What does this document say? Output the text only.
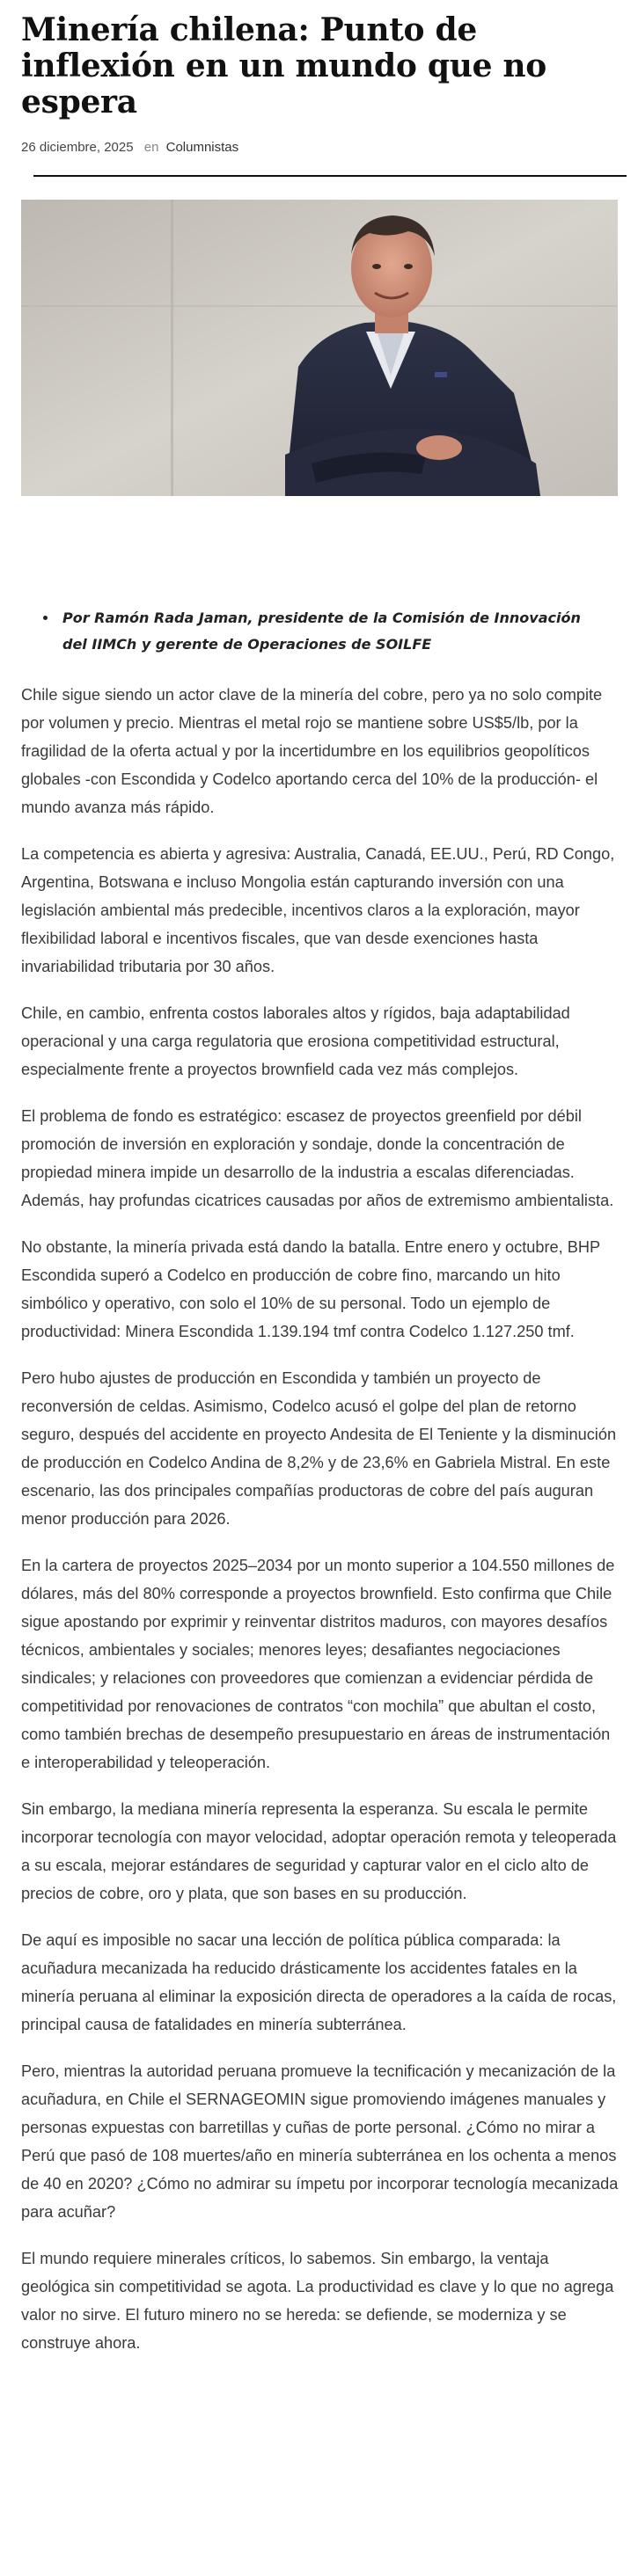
Minería chilena: Punto de inflexión en un mundo que no espera
26 diciembre, 2025 en Columnistas
• Por Ramón Rada Jaman, presidente de la Comisión de Innovación del IIMCh y gerente de Operaciones de SOILFE

Chile sigue siendo un actor clave de la minería del cobre, pero ya no solo compite por volumen y precio. Mientras el metal rojo se mantiene sobre US$5/lb, por la fragilidad de la oferta actual y por la incertidumbre en los equilibrios geopolíticos globales -con Escondida y Codelco aportando cerca del 10% de la producción- el mundo avanza más rápido.

La competencia es abierta y agresiva: Australia, Canadá, EE.UU., Perú, RD Congo, Argentina, Botswana e incluso Mongolia están capturando inversión con una legislación ambiental más predecible, incentivos claros a la exploración, mayor flexibilidad laboral e incentivos fiscales, que van desde exenciones hasta invariabilidad tributaria por 30 años.

Chile, en cambio, enfrenta costos laborales altos y rígidos, baja adaptabilidad operacional y una carga regulatoria que erosiona competitividad estructural, especialmente frente a proyectos brownfield cada vez más complejos.

El problema de fondo es estratégico: escasez de proyectos greenfield por débil promoción de inversión en exploración y sondaje, donde la concentración de propiedad minera impide un desarrollo de la industria a escalas diferenciadas. Además, hay profundas cicatrices causadas por años de extremismo ambientalista.

No obstante, la minería privada está dando la batalla. Entre enero y octubre, BHP Escondida superó a Codelco en producción de cobre fino, marcando un hito simbólico y operativo, con solo el 10% de su personal. Todo un ejemplo de productividad: Minera Escondida 1.139.194 tmf contra Codelco 1.127.250 tmf.

Pero hubo ajustes de producción en Escondida y también un proyecto de reconversión de celdas. Asimismo, Codelco acusó el golpe del plan de retorno seguro, después del accidente en proyecto Andesita de El Teniente y la disminución de producción en Codelco Andina de 8,2% y de 23,6% en Gabriela Mistral. En este escenario, las dos principales compañías productoras de cobre del país auguran menor producción para 2026.

En la cartera de proyectos 2025–2034 por un monto superior a 104.550 millones de dólares, más del 80% corresponde a proyectos brownfield. Esto confirma que Chile sigue apostando por exprimir y reinventar distritos maduros, con mayores desafíos técnicos, ambientales y sociales; menores leyes; desafiantes negociaciones sindicales; y relaciones con proveedores que comienzan a evidenciar pérdida de competitividad por renovaciones de contratos “con mochila” que abultan el costo, como también brechas de desempeño presupuestario en áreas de instrumentación e interoperabilidad y teleoperación.

Sin embargo, la mediana minería representa la esperanza. Su escala le permite incorporar tecnología con mayor velocidad, adoptar operación remota y teleoperada a su escala, mejorar estándares de seguridad y capturar valor en el ciclo alto de precios de cobre, oro y plata, que son bases en su producción.

De aquí es imposible no sacar una lección de política pública comparada: la acuñadura mecanizada ha reducido drásticamente los accidentes fatales en la minería peruana al eliminar la exposición directa de operadores a la caída de rocas, principal causa de fatalidades en minería subterránea.

Pero, mientras la autoridad peruana promueve la tecnificación y mecanización de la acuñadura, en Chile el SERNAGEOMIN sigue promoviendo imágenes manuales y personas expuestas con barretillas y cuñas de porte personal. ¿Cómo no mirar a Perú que pasó de 108 muertes/año en minería subterránea en los ochenta a menos de 40 en 2020? ¿Cómo no admirar su ímpetu por incorporar tecnología mecanizada para acuñar?

El mundo requiere minerales críticos, lo sabemos. Sin embargo, la ventaja geológica sin competitividad se agota. La productividad es clave y lo que no agrega valor no sirve. El futuro minero no se hereda: se defiende, se moderniza y se construye ahora.
